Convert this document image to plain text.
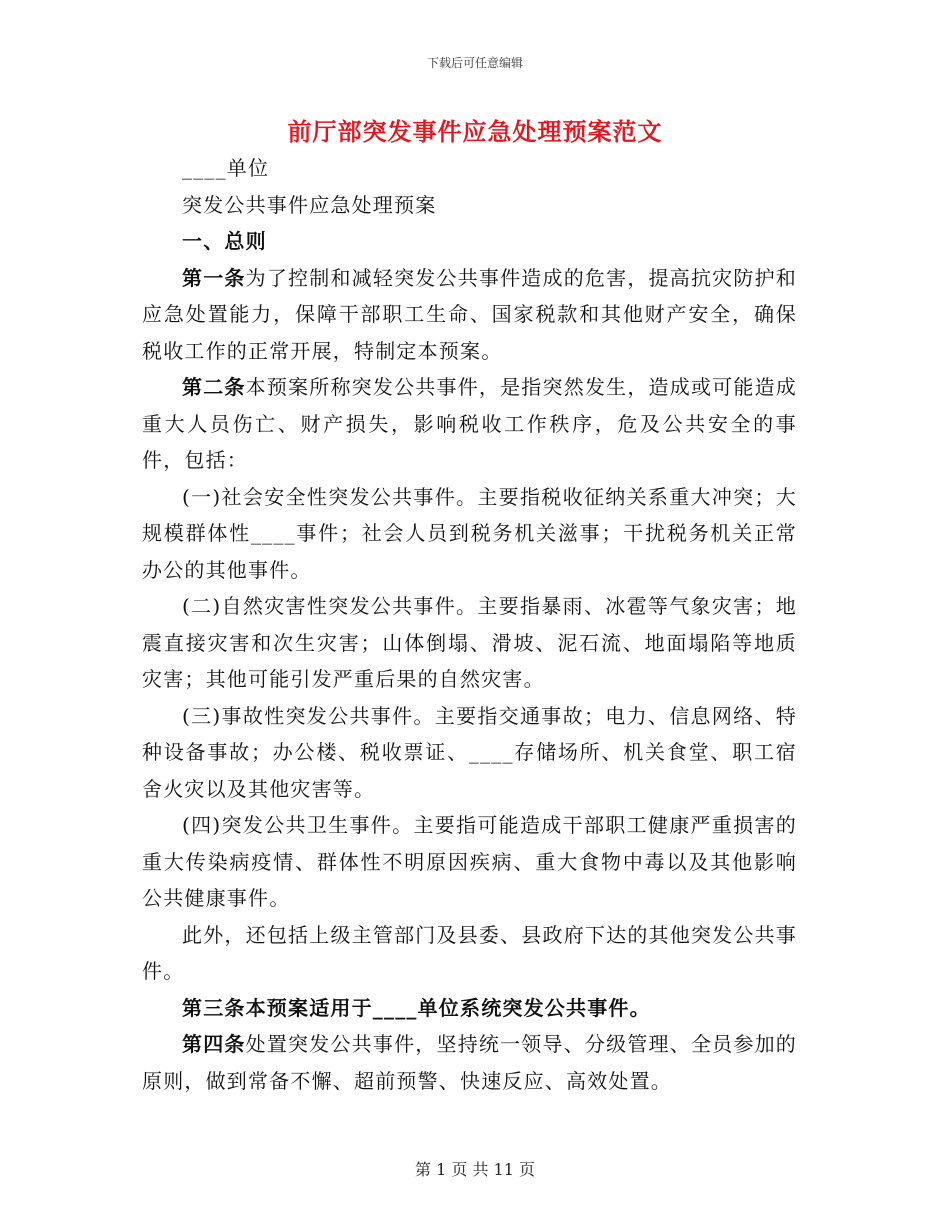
下载后可任意编辑
前厅部突发事件应急处理预案范文

____单位

突发公共事件应急处理预案

一、总则

第一条为了控制和减轻突发公共事件造成的危害，提高抗灾防护和应急处置能力，保障干部职工生命、国家税款和其他财产安全，确保税收工作的正常开展，特制定本预案。

第二条本预案所称突发公共事件，是指突然发生，造成或可能造成重大人员伤亡、财产损失，影响税收工作秩序，危及公共安全的事件，包括：

(一)社会安全性突发公共事件。主要指税收征纳关系重大冲突；大规模群体性____事件；社会人员到税务机关滋事；干扰税务机关正常办公的其他事件。

(二)自然灾害性突发公共事件。主要指暴雨、冰雹等气象灾害；地震直接灾害和次生灾害；山体倒塌、滑坡、泥石流、地面塌陷等地质灾害；其他可能引发严重后果的自然灾害。

(三)事故性突发公共事件。主要指交通事故；电力、信息网络、特种设备事故；办公楼、税收票证、____存储场所、机关食堂、职工宿舍火灾以及其他灾害等。

(四)突发公共卫生事件。主要指可能造成干部职工健康严重损害的重大传染病疫情、群体性不明原因疾病、重大食物中毒以及其他影响公共健康事件。

此外，还包括上级主管部门及县委、县政府下达的其他突发公共事件。

第三条本预案适用于____单位系统突发公共事件。

第四条处置突发公共事件，坚持统一领导、分级管理、全员参加的原则，做到常备不懈、超前预警、快速反应、高效处置。

第 1 页 共 11 页
